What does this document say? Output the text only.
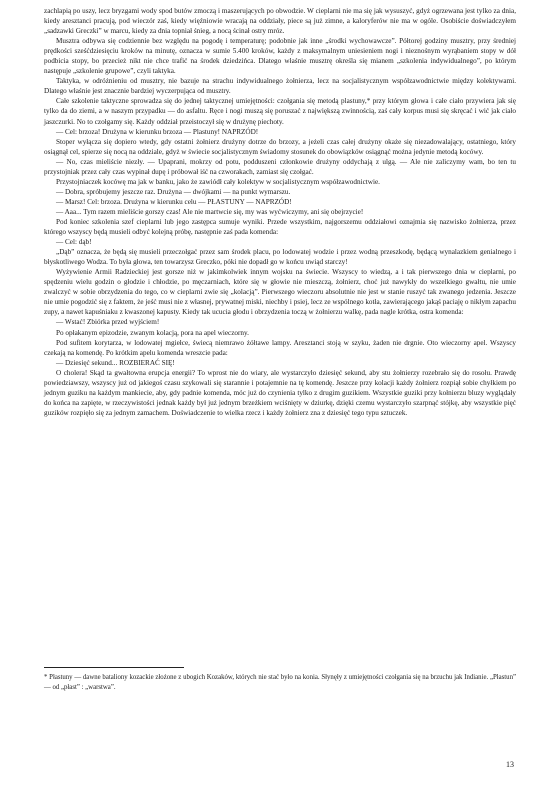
zachlapią po uszy, lecz bryzgami wody spod butów zmoczą i maszerujących po obwodzie. W cieplarni nie ma się jak wysuszyć, gdyż ogrzewana jest tylko za dnia, kiedy aresztanci pracują, pod wieczór zaś, kiedy więźniowie wracają na oddziały, piece są już zimne, a kaloryferów nie ma w ogóle. Osobiście doświadczyłem „sadzawki Greczki” w marcu, kiedy za dnia topniał śnieg, a nocą ścinał ostry mróz.

Musztra odbywa się codziennie bez względu na pogodę i temperaturę; podobnie jak inne „środki wychowawcze”. Półtorej godziny musztry, przy średniej prędkości sześćdziesięciu kroków na minutę, oznacza w sumie 5.400 kroków, każdy z maksymalnym uniesieniem nogi i nieznośnym wyrąbaniem stopy w dół podbicia stopy, bo przecież nikt nie chce trafić na środek dziedzińca. Dlatego właśnie musztrę określa się mianem „szkolenia indywidualnego”, po którym następuje „szkolenie grupowe”, czyli taktyka.

Taktyka, w odróżnieniu od musztry, nie bazuje na strachu indywidualnego żołnierza, lecz na socjalistycznym współzawodnictwie między kolektywami. Dlatego właśnie jest znacznie bardziej wyczerpująca od musztry.

Całe szkolenie taktyczne sprowadza się do jednej taktycznej umiejętności: czołgania się metodą plastuny,* przy którym głowa i całe ciało przywiera jak się tylko da do ziemi, a w naszym przypadku — do asfaltu. Ręce i nogi muszą się poruszać z największą zwinnością, zaś cały korpus musi się skręcać i wić jak ciało jaszczurki. No to czołgamy się. Każdy oddział przeistoczył się w drużynę piechoty.

— Cel: brzoza! Drużyna w kierunku brzoza — Plastuny! NAPRZÓD!

Stoper wyłącza się dopiero wtedy, gdy ostatni żołnierz drużyny dotrze do brzozy, a jeżeli czas całej drużyny okaże się niezadowalający, ostatniego, który osiągnął cel, spierze się nocą na oddziale, gdyż w świecie socjalistycznym świadomy stosunek do obowiązków osiągnąć można jedynie metodą kocówy.

— No, czas mieliście niezły. — Upaprani, mokrzy od potu, podduszeni członkowie drużyny oddychają z ulgą. — Ale nie zaliczymy wam, bo ten tu przystojniak przez cały czas wypinał dupę i próbował iść na czworakach, zamiast się czołgać.

Przystojniaczek kocówę ma jak w banku, jako że zawiódł cały kolektyw w socjalistycznym współzawodnictwie.

— Dobra, spróbujemy jeszcze raz. Drużyna — dwójkami — na punkt wymarszu.

— Marsz! Cel: brzoza. Drużyna w kierunku celu — PŁASTUNY — NAPRZÓD!

— Aaa... Tym razem mieliście gorszy czas! Ale nie martwcie się, my was wyćwiczymy, ani się obejrzycie!

Pod koniec szkolenia szef cieplarni lub jego zastępca sumuje wyniki. Przede wszystkim, najgorszemu oddziałowi oznajmia się nazwisko żołnierza, przez którego wszyscy będą musieli odbyć kolejną próbę, następnie zaś pada komenda:

— Cel: dąb!

„Dąb” oznacza, że będą się musieli przeczołgać przez sam środek placu, po lodowatej wodzie i przez wodną przeszkodę, będącą wynalazkiem genialnego i błyskotliwego Wodza. To była głowa, ten towarzysz Greczko, póki nie dopadł go w końcu uwiąd starczy!

Wyżywienie Armii Radzieckiej jest gorsze niż w jakimkolwiek innym wojsku na świecie. Wszyscy to wiedzą, a i tak pierwszego dnia w cieplarni, po spędzeniu wielu godzin o głodzie i chłodzie, po męczarniach, które się w głowie nie mieszczą, żołnierz, choć już nawykły do wszelkiego gwałtu, nie umie zwalczyć w sobie obrzydzenia do tego, co w cieplarni zwie się „kolacją”. Pierwszego wieczoru absolutnie nie jest w stanie ruszyć tak zwanego jedzenia. Jeszcze nie umie pogodzić się z faktem, że jeść musi nie z własnej, prywatnej miski, niechby i psiej, lecz ze wspólnego kotła, zawierającego jakąś paciaję o nikłym zapachu zupy, a nawet kapuśniaku z kwaszonej kapusty. Kiedy tak ucucia głodu i obrzydzenia toczą w żołnierzu walkę, pada nagle krótka, ostra komenda:

— Wstać! Zbiórka przed wyjściem!

Po opłakanym epizodzie, zwanym kolacją, pora na apel wieczorny.

Pod sufitem korytarza, w lodowatej mgiełce, świecą niemrawo żółtawe lampy. Aresztanci stoją w szyku, żaden nie drgnie. Oto wieczorny apel. Wszyscy czekają na komendę. Po krótkim apelu komenda wreszcie pada:

— Dziesięć sekund... ROZBIERAĆ SIĘ!

O cholera! Skąd ta gwałtowna erupcja energii? To wprost nie do wiary, ale wystarczyło dziesięć sekund, aby stu żołnierzy rozebrało się do rosołu. Prawdę powiedziawszy, wszyscy już od jakiegoś czasu szykowali się starannie i potajemnie na tę komendę. Jeszcze przy kolacji każdy żołnierz rozpiął sobie chyłkiem po jednym guziku na każdym mankiecie, aby, gdy padnie komenda, móc już do czynienia tylko z drugim guzikiem. Wszystkie guziki przy kołnierzu bluzy wyglądały do końca na zapięte, w rzeczywistości jednak każdy był już jednym brzeżkiem wciśnięty w dziurkę, dzięki czemu wystarczyło szarpnąć stójkę, aby wszystkie pięć guzików rozpięło się za jednym zamachem. Doświadczenie to wielka rzecz i każdy żołnierz zna z dziesięć tego typu sztuczek.

* Płastuny — dawne bataliony kozackie złożone z ubogich Kozaków, których nie stać było na konia. Słynęły z umiejętności czołgania się na brzuchu jak Indianie. „Płastun” — od „płast” : „warstwa”.

13
